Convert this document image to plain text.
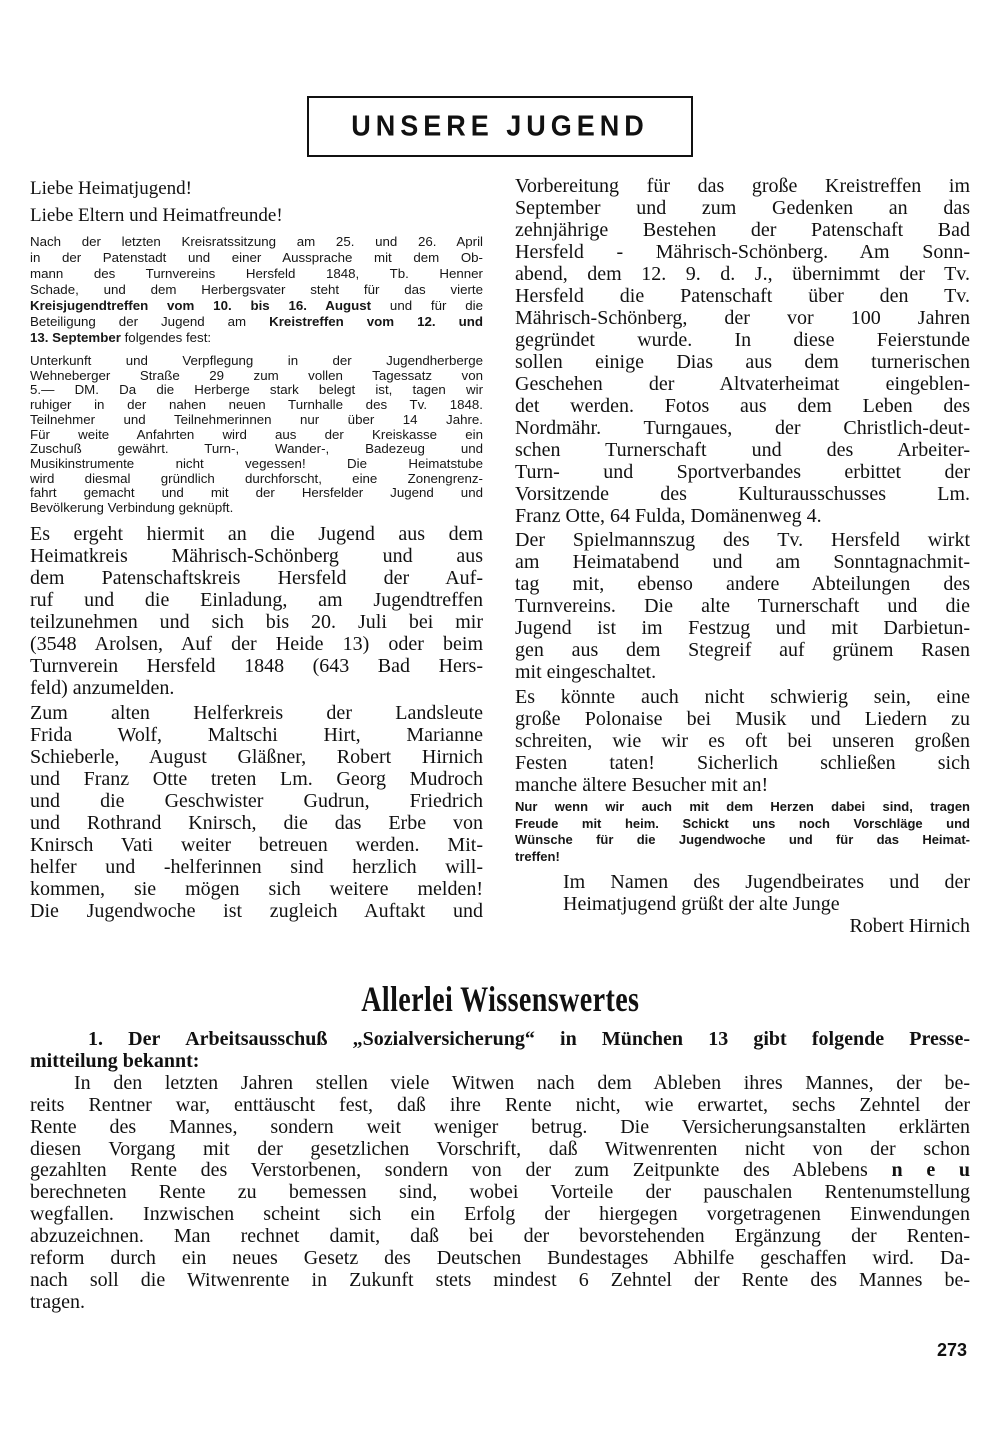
UNSERE JUGEND
Liebe Heimatjugend!
Liebe Eltern und Heimatfreunde!
Nach der letzten Kreisratssitzung am 25. und 26. April
in der Patenstadt und einer Aussprache mit dem Ob-
mann des Turnvereins Hersfeld 1848, Tb. Henner
Schade, und dem Herbergsvater steht für das vierte
Kreisjugendtreffen vom 10. bis 16. August und für die
Beteiligung der Jugend am Kreistreffen vom 12. und
13. September folgendes fest:
Unterkunft und Verpflegung in der Jugendherberge
Wehneberger Straße 29 zum vollen Tagessatz von
5.— DM. Da die Herberge stark belegt ist, tagen wir
ruhiger in der nahen neuen Turnhalle des Tv. 1848.
Teilnehmer und Teilnehmerinnen nur über 14 Jahre.
Für weite Anfahrten wird aus der Kreiskasse ein
Zuschuß gewährt. Turn-, Wander-, Badezeug und
Musikinstrumente nicht vegessen! Die Heimatstube
wird diesmal gründlich durchforscht, eine Zonengrenz-
fahrt gemacht und mit der Hersfelder Jugend und
Bevölkerung Verbindung geknüpft.
Es ergeht hiermit an die Jugend aus dem
Heimatkreis Mährisch-Schönberg und aus
dem Patenschaftskreis Hersfeld der Auf-
ruf und die Einladung, am Jugendtreffen
teilzunehmen und sich bis 20. Juli bei mir
(3548 Arolsen, Auf der Heide 13) oder beim
Turnverein Hersfeld 1848 (643 Bad Hers-
feld) anzumelden.
Zum alten Helferkreis der Landsleute
Frida Wolf, Maltschi Hirt, Marianne
Schieberle, August Gläßner, Robert Hirnich
und Franz Otte treten Lm. Georg Mudroch
und die Geschwister Gudrun, Friedrich
und Rothrand Knirsch, die das Erbe von
Knirsch Vati weiter betreuen werden. Mit-
helfer und -helferinnen sind herzlich will-
kommen, sie mögen sich weitere melden!
Die Jugendwoche ist zugleich Auftakt und
Vorbereitung für das große Kreistreffen im
September und zum Gedenken an das
zehnjährige Bestehen der Patenschaft Bad
Hersfeld - Mährisch-Schönberg. Am Sonn-
abend, dem 12. 9. d. J., übernimmt der Tv.
Hersfeld die Patenschaft über den Tv.
Mährisch-Schönberg, der vor 100 Jahren
gegründet wurde. In diese Feierstunde
sollen einige Dias aus dem turnerischen
Geschehen der Altvaterheimat eingeblen-
det werden. Fotos aus dem Leben des
Nordmähr. Turngaues, der Christlich-deut-
schen Turnerschaft und des Arbeiter-
Turn- und Sportverbandes erbittet der
Vorsitzende des Kulturausschusses Lm.
Franz Otte, 64 Fulda, Domänenweg 4.
Der Spielmannszug des Tv. Hersfeld wirkt
am Heimatabend und am Sonntagnachmit-
tag mit, ebenso andere Abteilungen des
Turnvereins. Die alte Turnerschaft und die
Jugend ist im Festzug und mit Darbietun-
gen aus dem Stegreif auf grünem Rasen
mit eingeschaltet.
Es könnte auch nicht schwierig sein, eine
große Polonaise bei Musik und Liedern zu
schreiten, wie wir es oft bei unseren großen
Festen taten! Sicherlich schließen sich
manche ältere Besucher mit an!
Nur wenn wir auch mit dem Herzen dabei sind, tragen
Freude mit heim. Schickt uns noch Vorschläge und
Wünsche für die Jugendwoche und für das Heimat-
treffen!
Im Namen des Jugendbeirates und der
Heimatjugend grüßt der alte Junge
Robert Hirnich
Allerlei Wissenswertes
1. Der Arbeitsausschuß „Sozialversicherung“ in München 13 gibt folgende Presse-
mitteilung bekannt:
In den letzten Jahren stellen viele Witwen nach dem Ableben ihres Mannes, der be-
reits Rentner war, enttäuscht fest, daß ihre Rente nicht, wie erwartet, sechs Zehntel der
Rente des Mannes, sondern weit weniger betrug. Die Versicherungsanstalten erklärten
diesen Vorgang mit der gesetzlichen Vorschrift, daß Witwenrenten nicht von der schon
gezahlten Rente des Verstorbenen, sondern von der zum Zeitpunkte des Ablebens n e u
berechneten Rente zu bemessen sind, wobei Vorteile der pauschalen Rentenumstellung
wegfallen. Inzwischen scheint sich ein Erfolg der hiergegen vorgetragenen Einwendungen
abzuzeichnen. Man rechnet damit, daß bei der bevorstehenden Ergänzung der Renten-
reform durch ein neues Gesetz des Deutschen Bundestages Abhilfe geschaffen wird. Da-
nach soll die Witwenrente in Zukunft stets mindest 6 Zehntel der Rente des Mannes be-
tragen.
273
